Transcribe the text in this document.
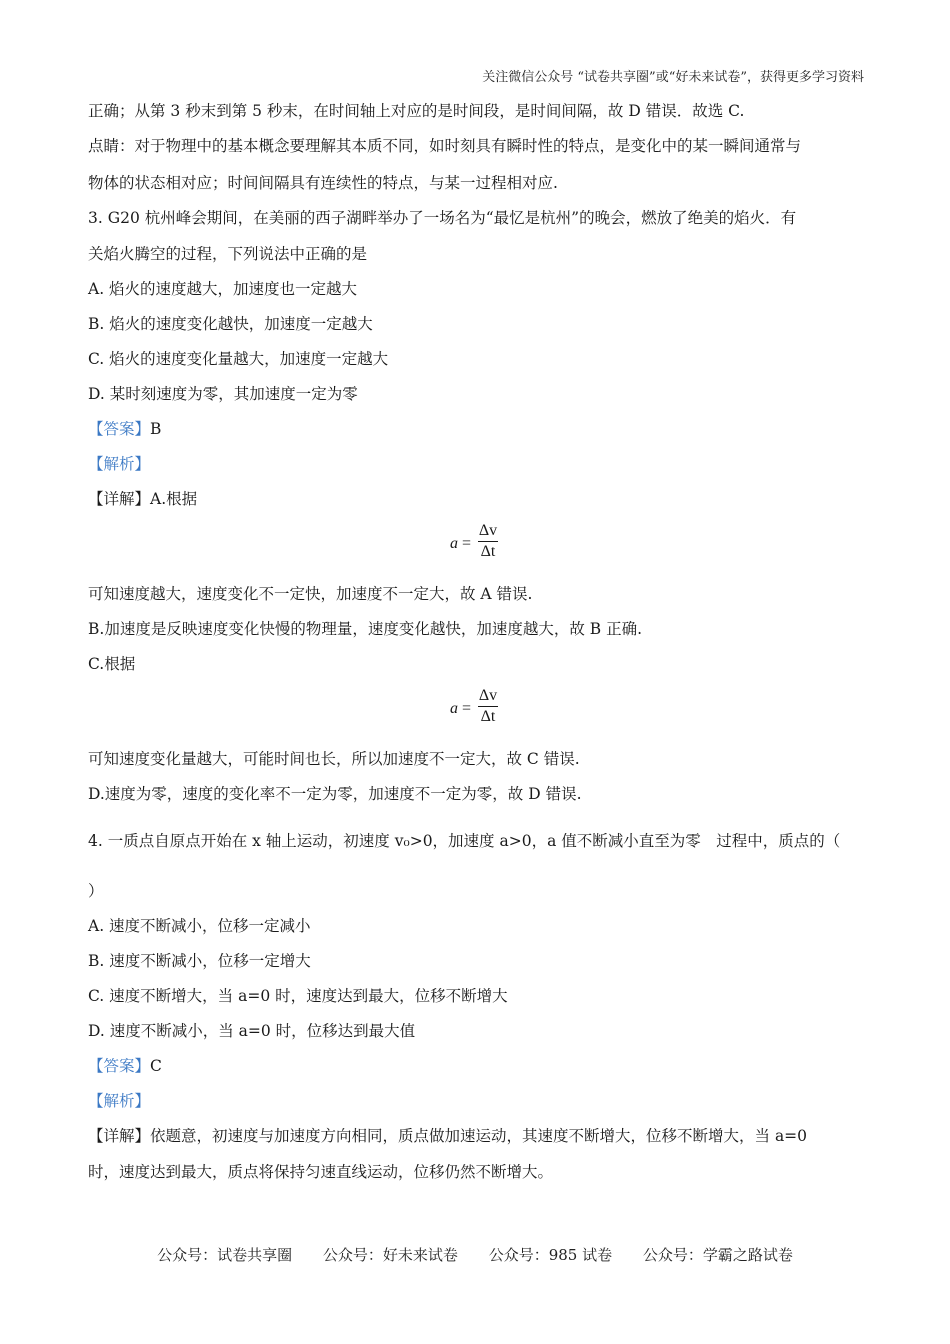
关注微信公众号 “试卷共享圈”或“好未来试卷”，获得更多学习资料
正确；从第 3 秒末到第 5 秒末，在时间轴上对应的是时间段，是时间间隔，故 D 错误．故选 C.
点睛：对于物理中的基本概念要理解其本质不同，如时刻具有瞬时性的特点，是变化中的某一瞬间通常与
物体的状态相对应；时间间隔具有连续性的特点，与某一过程相对应.
3. G20 杭州峰会期间，在美丽的西子湖畔举办了一场名为“最忆是杭州”的晚会，燃放了绝美的焰火．有
关焰火腾空的过程，下列说法中正确的是
A. 焰火的速度越大，加速度也一定越大
B. 焰火的速度变化越快，加速度一定越大
C. 焰火的速度变化量越大，加速度一定越大
D. 某时刻速度为零，其加速度一定为零
【答案】B
【解析】
【详解】A.根据
a =
Δv
Δt
可知速度越大，速度变化不一定快，加速度不一定大，故 A 错误.
B.加速度是反映速度变化快慢的物理量，速度变化越快，加速度越大，故 B 正确.
C.根据
a =
Δv
Δt
可知速度变化量越大，可能时间也长，所以加速度不一定大，故 C 错误.
D.速度为零，速度的变化率不一定为零，加速度不一定为零，故 D 错误.
4. 一质点自原点开始在 x 轴上运动，初速度 v₀>0，加速度 a>0，a 值不断减小直至为零　过程中，质点的（
）
A. 速度不断减小，位移一定减小
B. 速度不断减小，位移一定增大
C. 速度不断增大，当 a=0 时，速度达到最大，位移不断增大
D. 速度不断减小，当 a=0 时，位移达到最大值
【答案】C
【解析】
【详解】依题意，初速度与加速度方向相同，质点做加速运动，其速度不断增大，位移不断增大，当 a=0
时，速度达到最大，质点将保持匀速直线运动，位移仍然不断增大。
公众号：试卷共享圈 公众号：好未来试卷 公众号：985 试卷 公众号：学霸之路试卷
